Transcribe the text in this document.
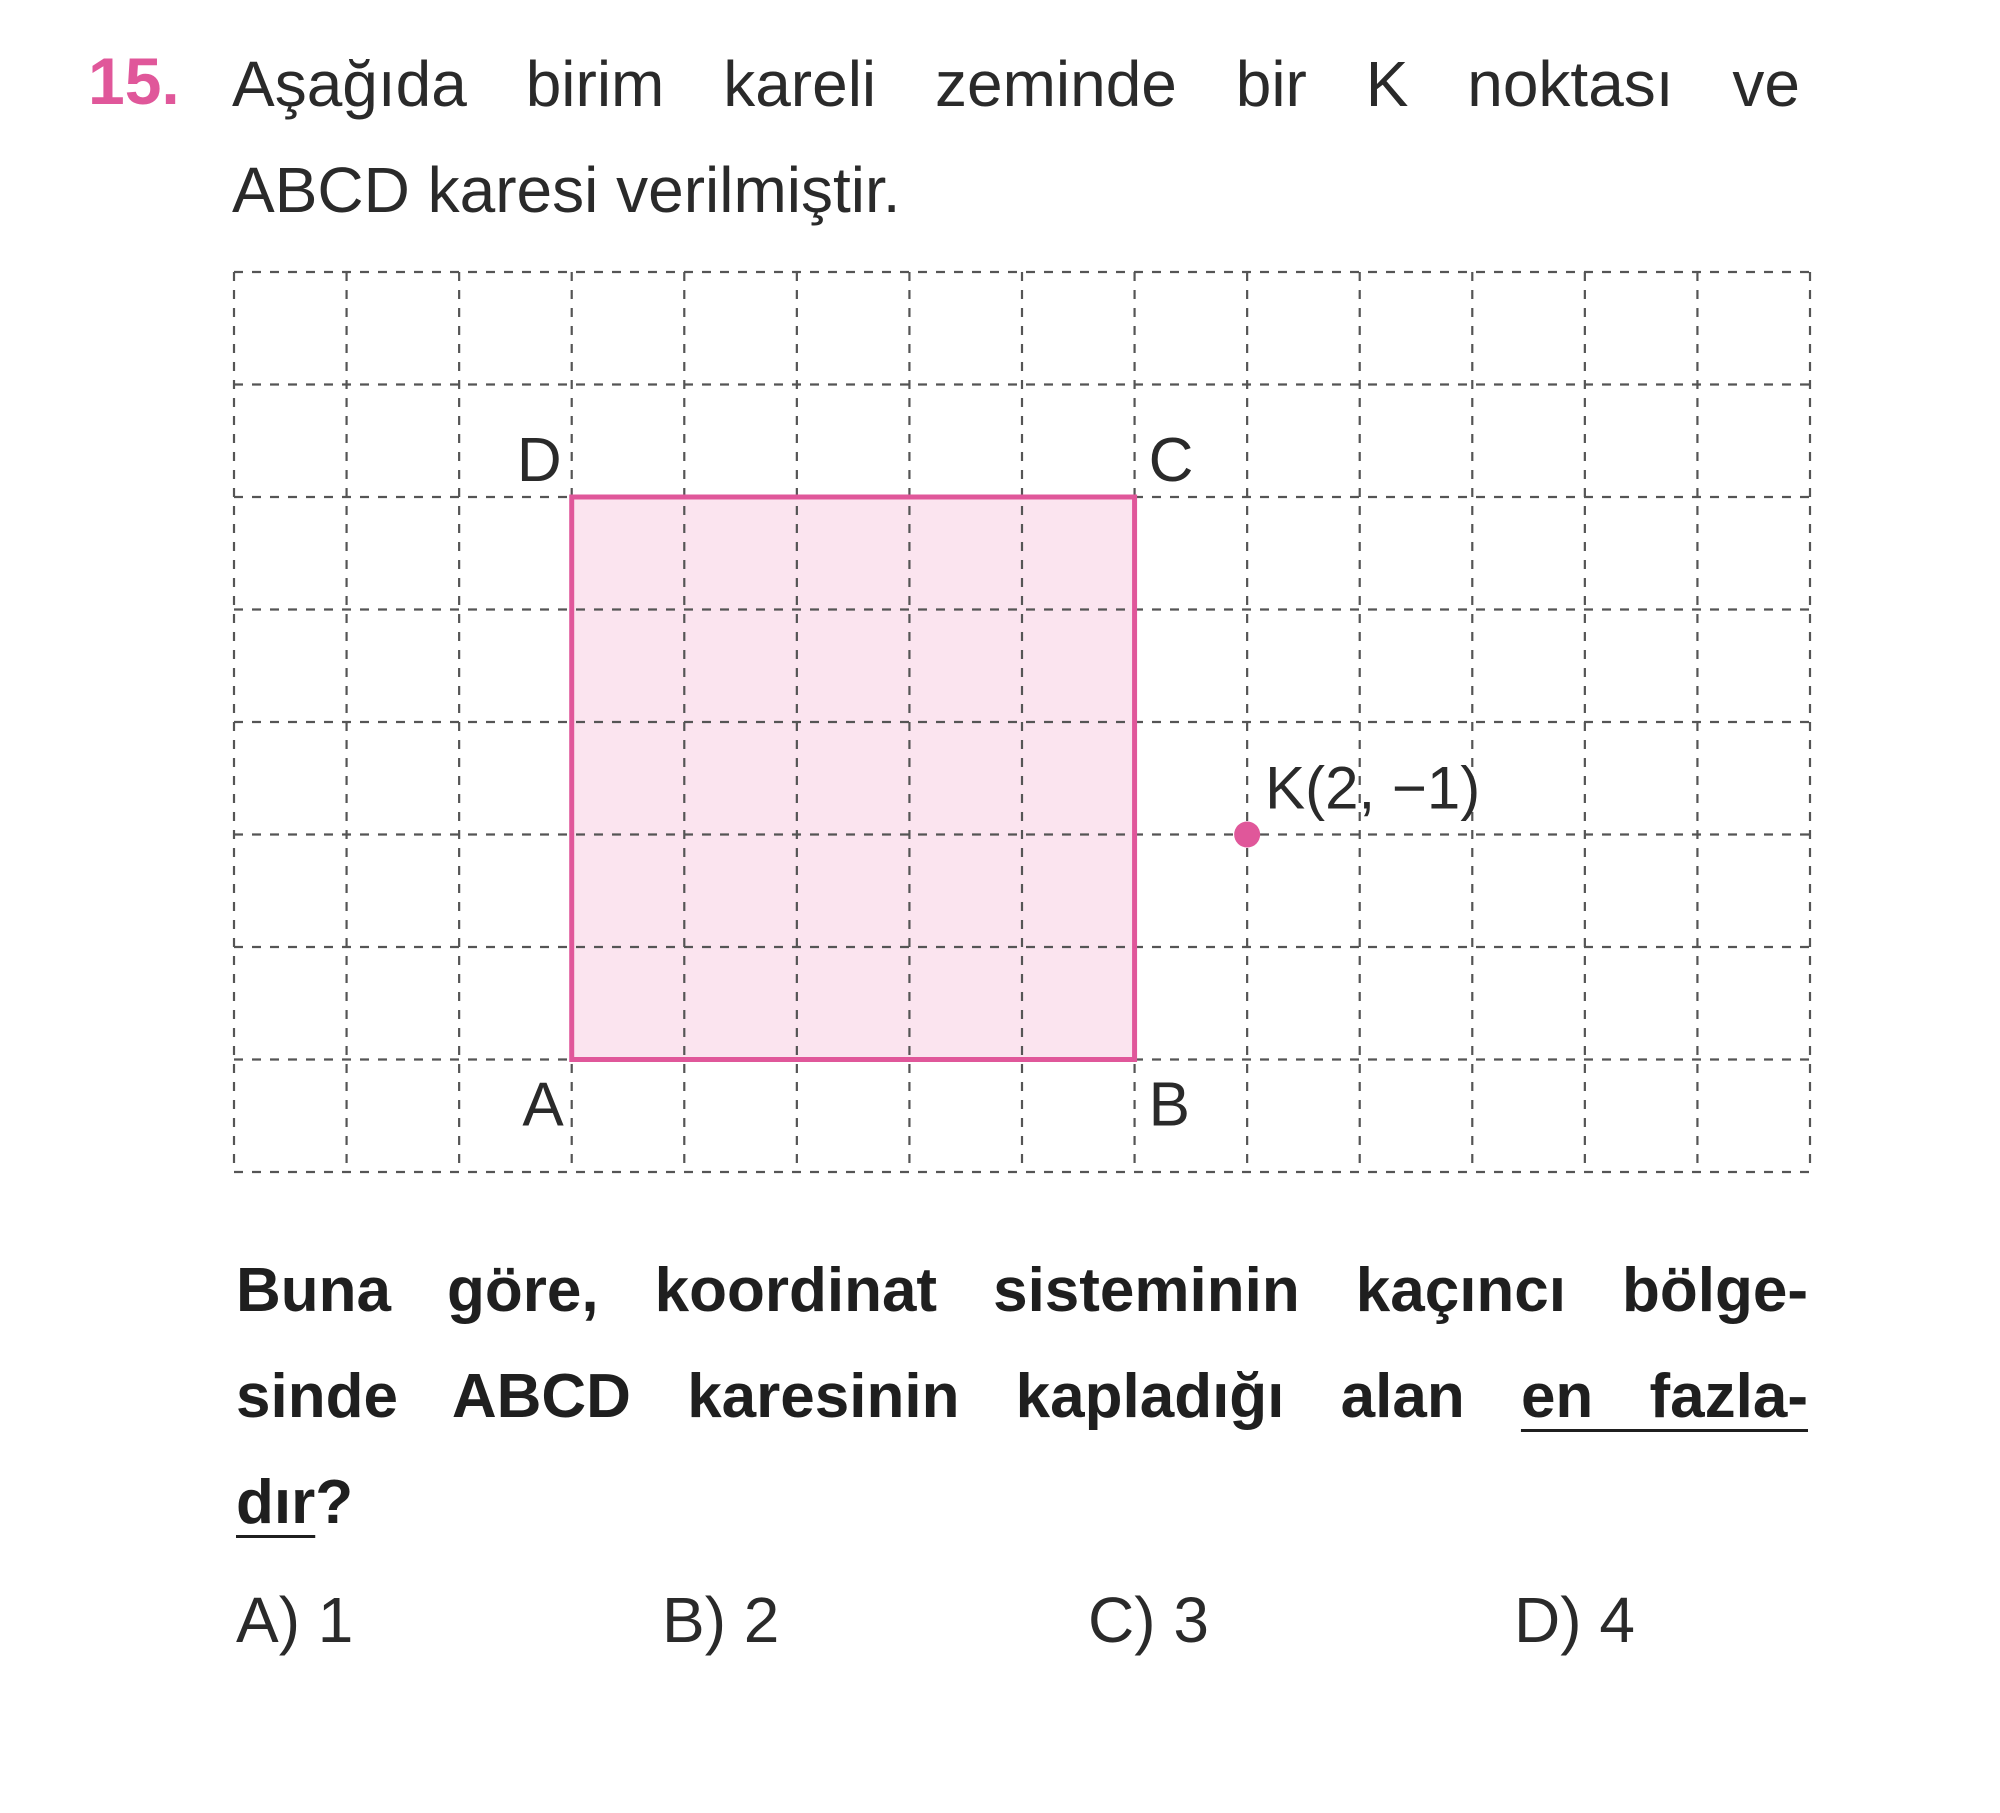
15. Aşağıda birim kareli zeminde bir K noktası ve
ABCD karesi verilmiştir.
D	C
A	B
K(2, −1)
Buna göre, koordinat sisteminin kaçıncı bölge-
sinde ABCD karesinin kapladığı alan en fazla-
dır?
A) 1	B) 2	C) 3	D) 4
